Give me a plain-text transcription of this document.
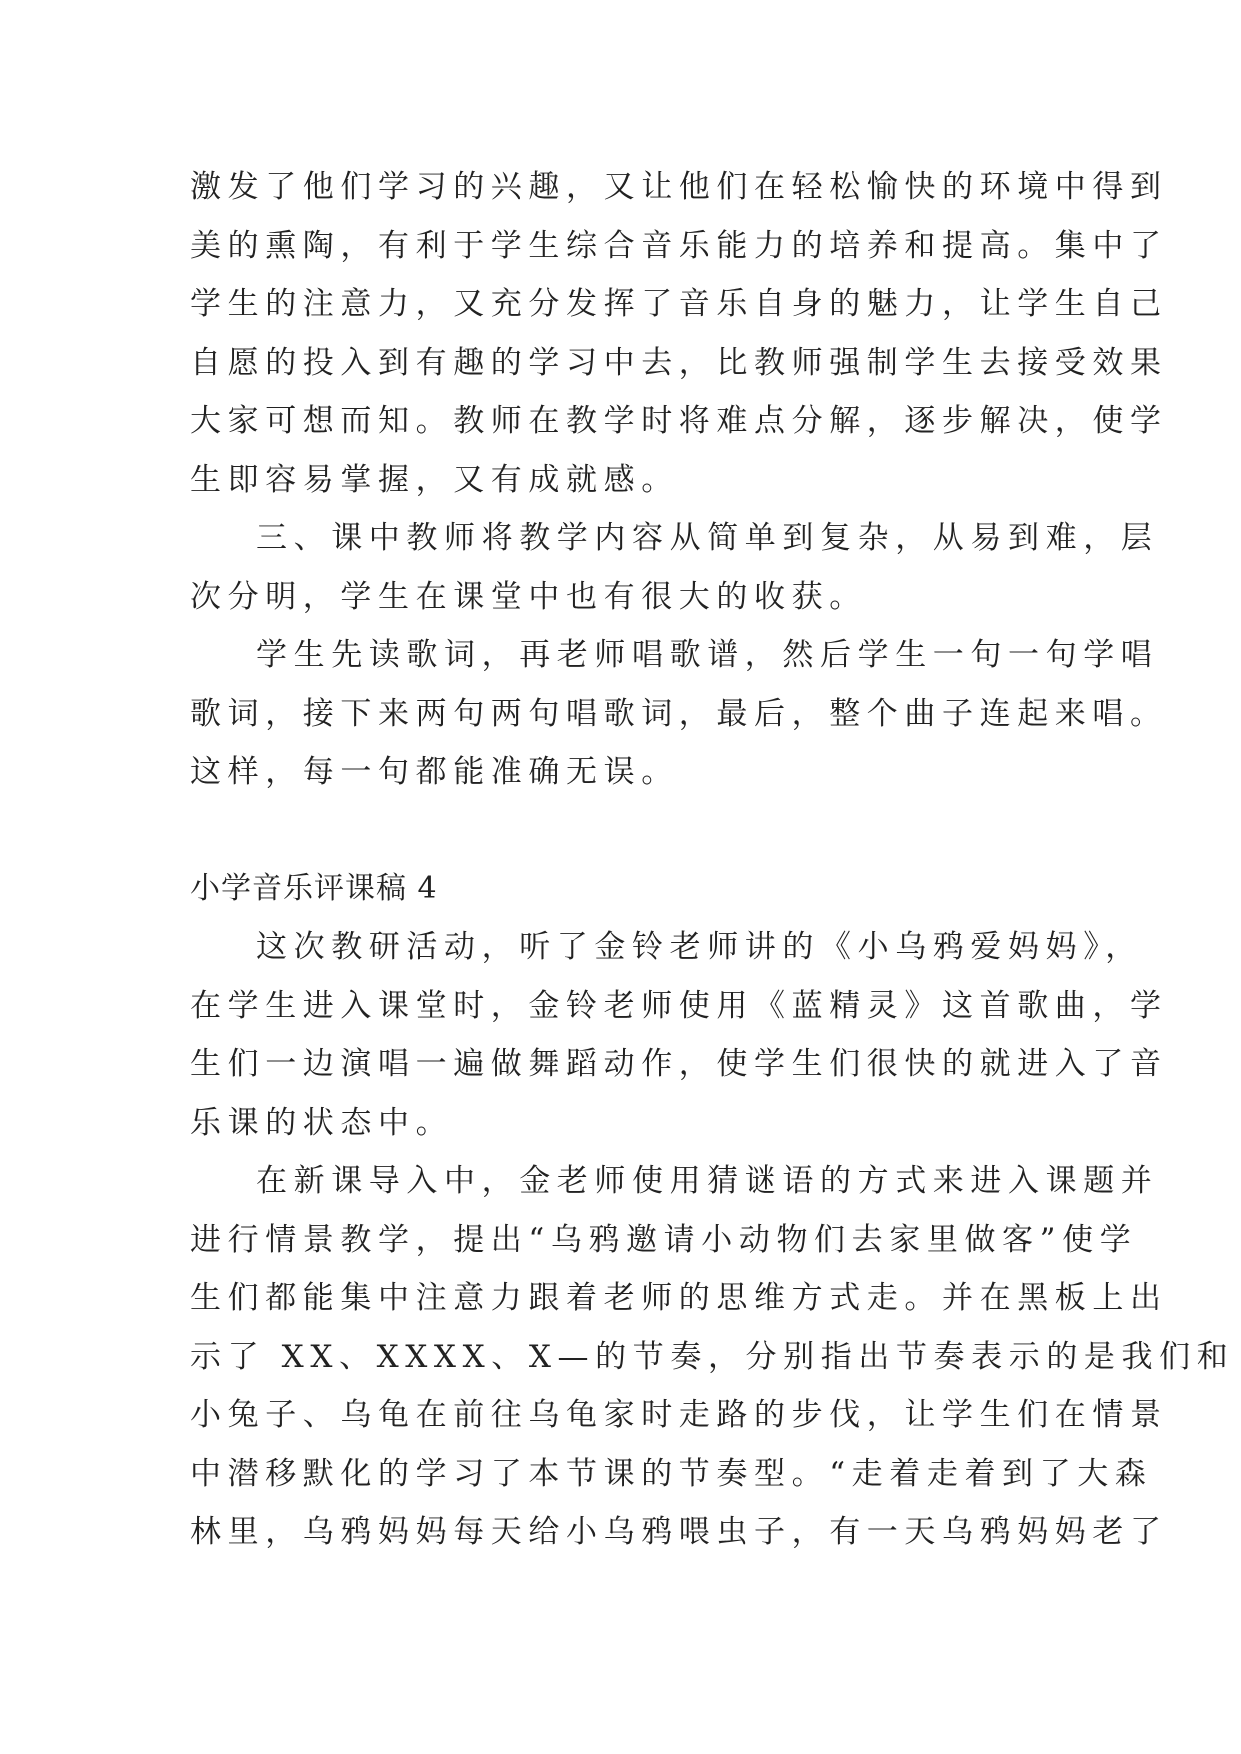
激发了他们学习的兴趣，又让他们在轻松愉快的环境中得到
美的熏陶，有利于学生综合音乐能力的培养和提高。集中了
学生的注意力，又充分发挥了音乐自身的魅力，让学生自己
自愿的投入到有趣的学习中去，比教师强制学生去接受效果
大家可想而知。教师在教学时将难点分解，逐步解决，使学
生即容易掌握，又有成就感。
三、课中教师将教学内容从简单到复杂，从易到难，层
次分明，学生在课堂中也有很大的收获。
学生先读歌词，再老师唱歌谱，然后学生一句一句学唱
歌词，接下来两句两句唱歌词，最后，整个曲子连起来唱。
这样，每一句都能准确无误。
小学音乐评课稿 4
这次教研活动，听了金铃老师讲的《小乌鸦爱妈妈》，
在学生进入课堂时，金铃老师使用《蓝精灵》这首歌曲，学
生们一边演唱一遍做舞蹈动作，使学生们很快的就进入了音
乐课的状态中。
在新课导入中，金老师使用猜谜语的方式来进入课题并
进行情景教学，提出“乌鸦邀请小动物们去家里做客”使学
生们都能集中注意力跟着老师的思维方式走。并在黑板上出
示了 XX、XXXX、X—的节奏，分别指出节奏表示的是我们和
小兔子、乌龟在前往乌龟家时走路的步伐，让学生们在情景
中潜移默化的学习了本节课的节奏型。“走着走着到了大森
林里，乌鸦妈妈每天给小乌鸦喂虫子，有一天乌鸦妈妈老了
